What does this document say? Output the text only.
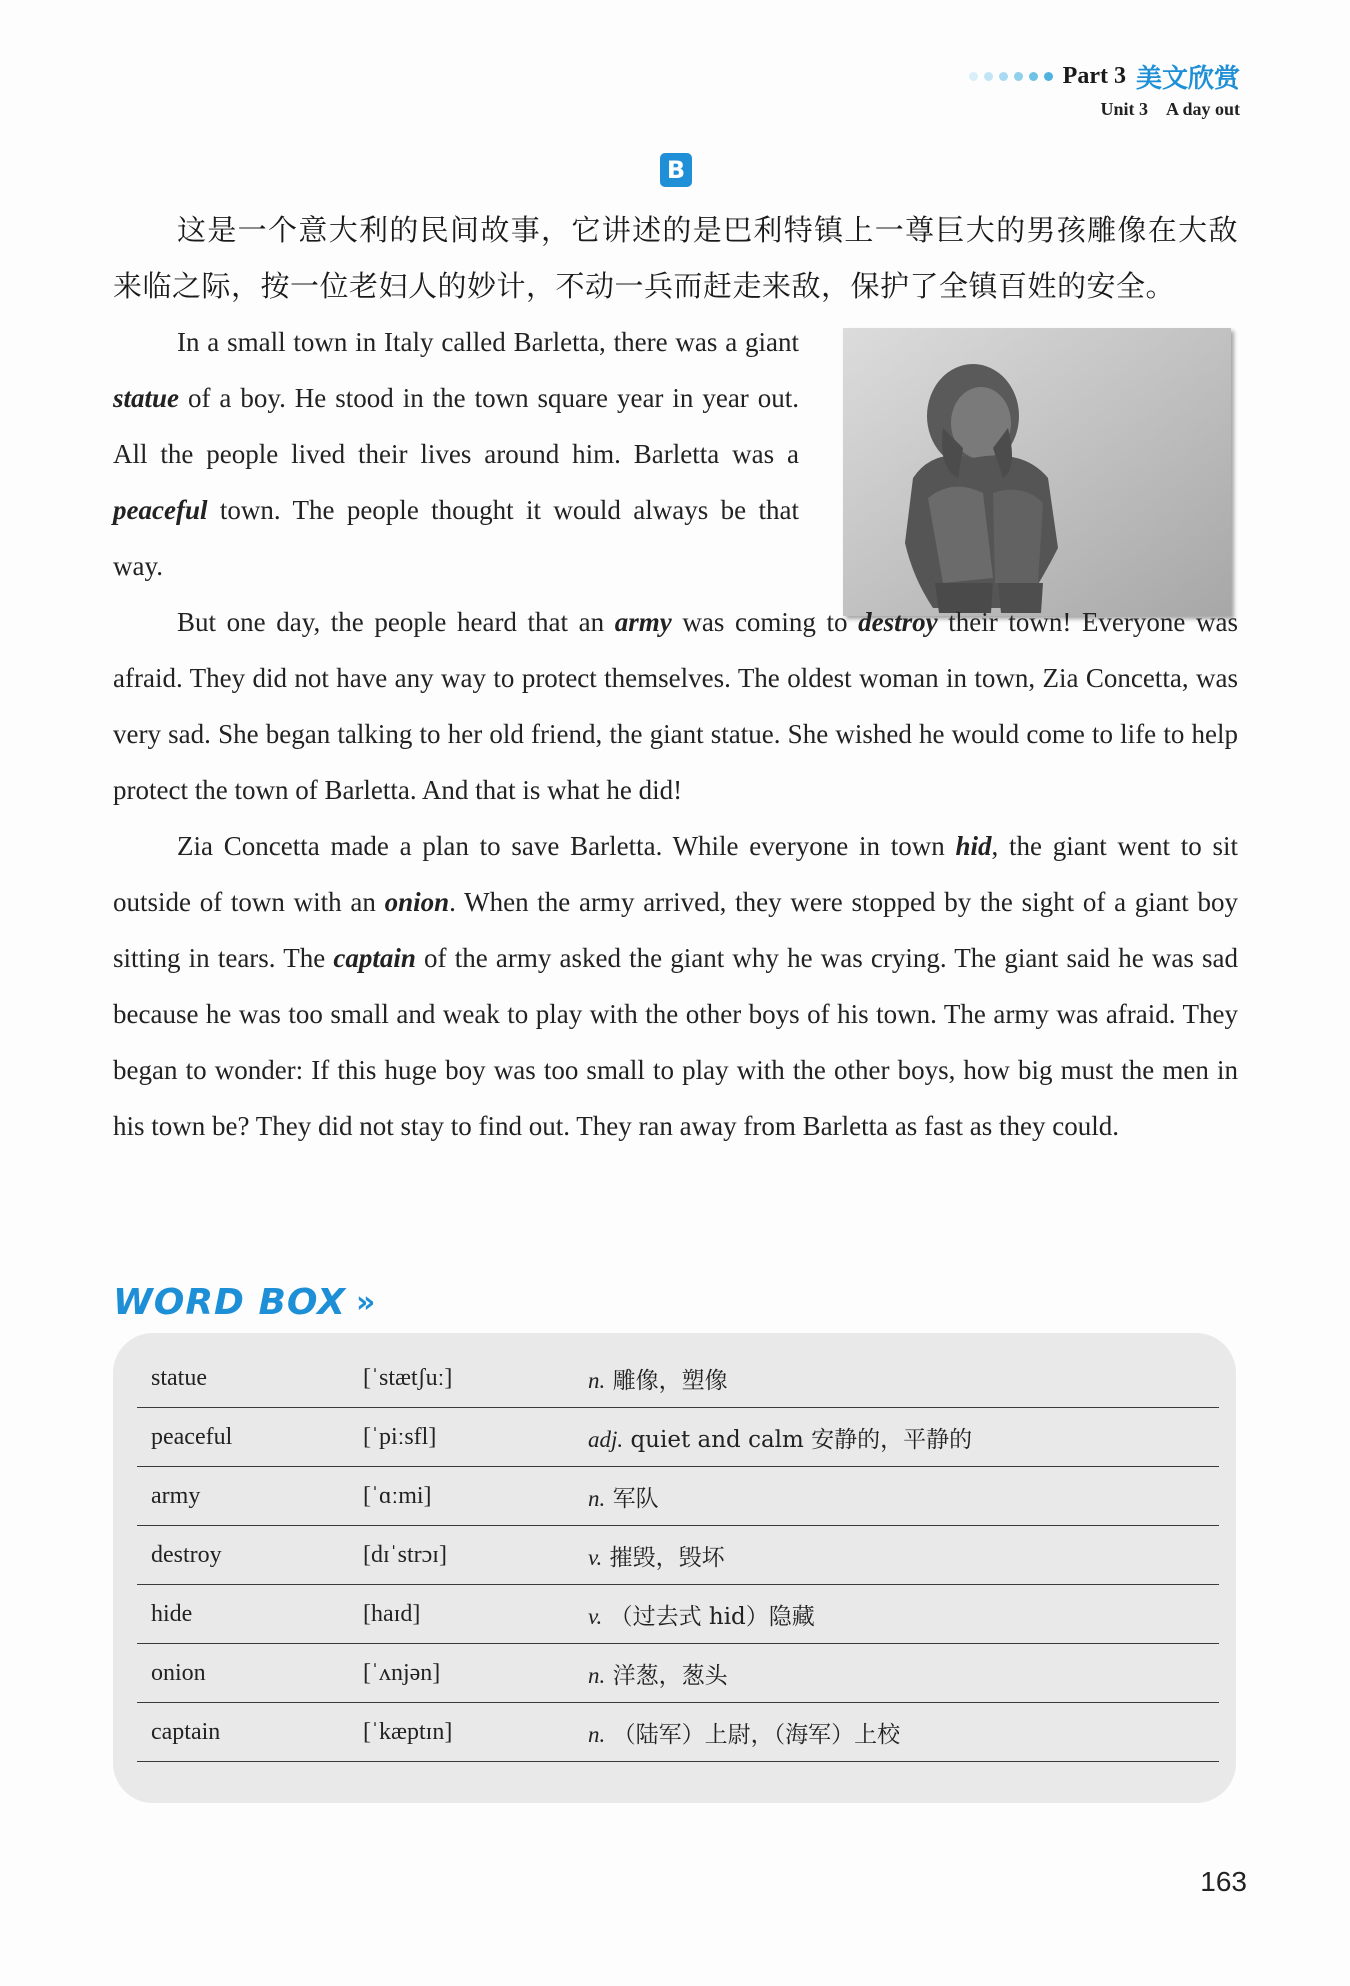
Part 3 美文欣赏
Unit 3 A day out
B
这是一个意大利的民间故事，它讲述的是巴利特镇上一尊巨大的男孩雕像在大敌来临之际，按一位老妇人的妙计，不动一兵而赶走来敌，保护了全镇百姓的安全。

In a small town in Italy called Barletta, there was a giant statue of a boy. He stood in the town square year in year out. All the people lived their lives around him. Barletta was a peaceful town. The people thought it would always be that way.

But one day, the people heard that an army was coming to destroy their town! Everyone was afraid. They did not have any way to protect themselves. The oldest woman in town, Zia Concetta, was very sad. She began talking to her old friend, the giant statue. She wished he would come to life to help protect the town of Barletta. And that is what he did!

Zia Concetta made a plan to save Barletta. While everyone in town hid, the giant went to sit outside of town with an onion. When the army arrived, they were stopped by the sight of a giant boy sitting in tears. The captain of the army asked the giant why he was crying. The giant said he was sad because he was too small and weak to play with the other boys of his town. The army was afraid. They began to wonder: If this huge boy was too small to play with the other boys, how big must the men in his town be? They did not stay to find out. They ran away from Barletta as fast as they could.

WORD BOX »
statue	[ˈstætʃuː]	n. 雕像，塑像
peaceful	[ˈpiːsfl]	adj. quiet and calm 安静的，平静的
army	[ˈɑːmi]	n. 军队
destroy	[dɪˈstrɔɪ]	v. 摧毁，毁坏
hide	[haɪd]	v. （过去式 hid）隐藏
onion	[ˈʌnjən]	n. 洋葱，葱头
captain	[ˈkæptɪn]	n. （陆军）上尉，（海军）上校
163
